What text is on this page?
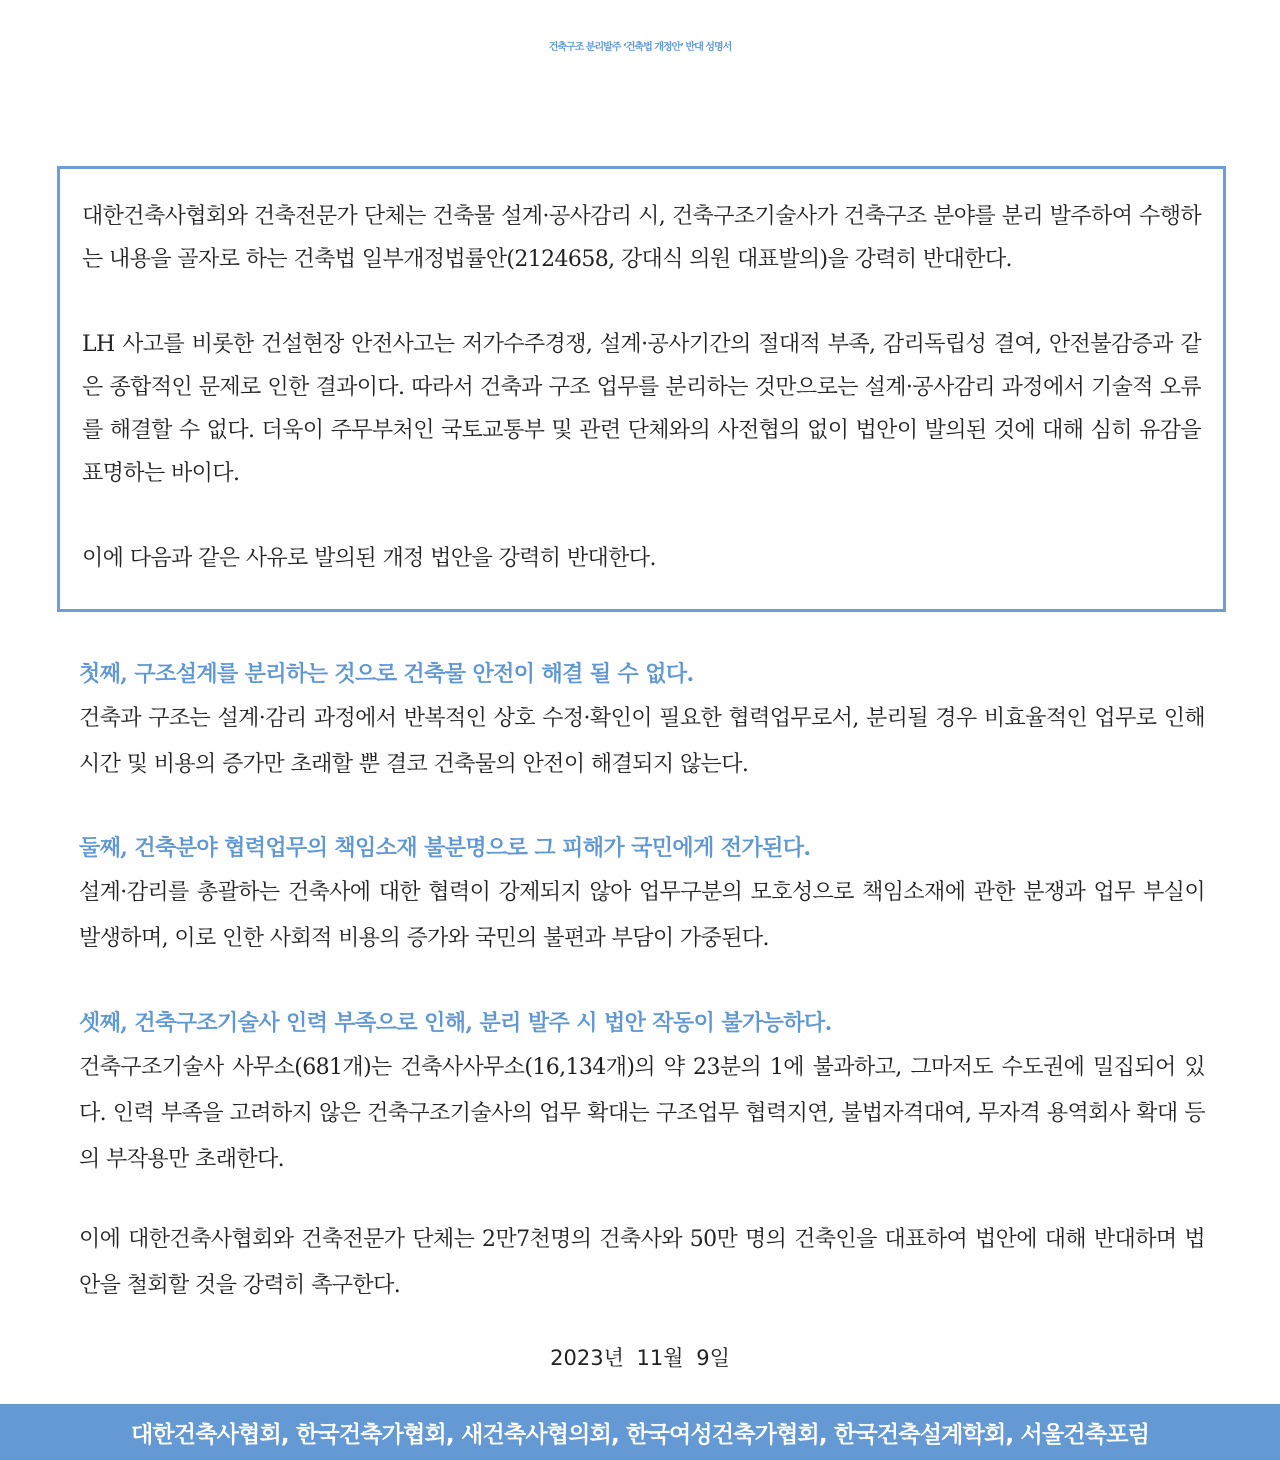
건축구조 분리발주 ‘건축법 개정안’ 반대 성명서

대한건축사협회와 건축전문가 단체는 건축물 설계·공사감리 시, 건축구조기술사가 건축구조 분야를 분리 발주하여 수행하는 내용을 골자로 하는 건축법 일부개정법률안(2124658, 강대식 의원 대표발의)을 강력히 반대한다.

LH 사고를 비롯한 건설현장 안전사고는 저가수주경쟁, 설계·공사기간의 절대적 부족, 감리독립성 결여, 안전불감증과 같은 종합적인 문제로 인한 결과이다. 따라서 건축과 구조 업무를 분리하는 것만으로는 설계·공사감리 과정에서 기술적 오류를 해결할 수 없다. 더욱이 주무부처인 국토교통부 및 관련 단체와의 사전협의 없이 법안이 발의된 것에 대해 심히 유감을 표명하는 바이다.

이에 다음과 같은 사유로 발의된 개정 법안을 강력히 반대한다.

첫째, 구조설계를 분리하는 것으로 건축물 안전이 해결 될 수 없다.

건축과 구조는 설계·감리 과정에서 반복적인 상호 수정·확인이 필요한 협력업무로서, 분리될 경우 비효율적인 업무로 인해 시간 및 비용의 증가만 초래할 뿐 결코 건축물의 안전이 해결되지 않는다.

둘째, 건축분야 협력업무의 책임소재 불분명으로 그 피해가 국민에게 전가된다.

설계·감리를 총괄하는 건축사에 대한 협력이 강제되지 않아 업무구분의 모호성으로 책임소재에 관한 분쟁과 업무 부실이 발생하며, 이로 인한 사회적 비용의 증가와 국민의 불편과 부담이 가중된다.

셋째, 건축구조기술사 인력 부족으로 인해, 분리 발주 시 법안 작동이 불가능하다.

건축구조기술사 사무소(681개)는 건축사사무소(16,134개)의 약 23분의 1에 불과하고, 그마저도 수도권에 밀집되어 있다. 인력 부족을 고려하지 않은 건축구조기술사의 업무 확대는 구조업무 협력지연, 불법자격대여, 무자격 용역회사 확대 등의 부작용만 초래한다.

이에 대한건축사협회와 건축전문가 단체는 2만7천명의 건축사와 50만 명의 건축인을 대표하여 법안에 대해 반대하며 법안을 철회할 것을 강력히 촉구한다.

2023년 11월 9일
대한건축사협회, 한국건축가협회, 새건축사협의회, 한국여성건축가협회, 한국건축설계학회, 서울건축포럼
